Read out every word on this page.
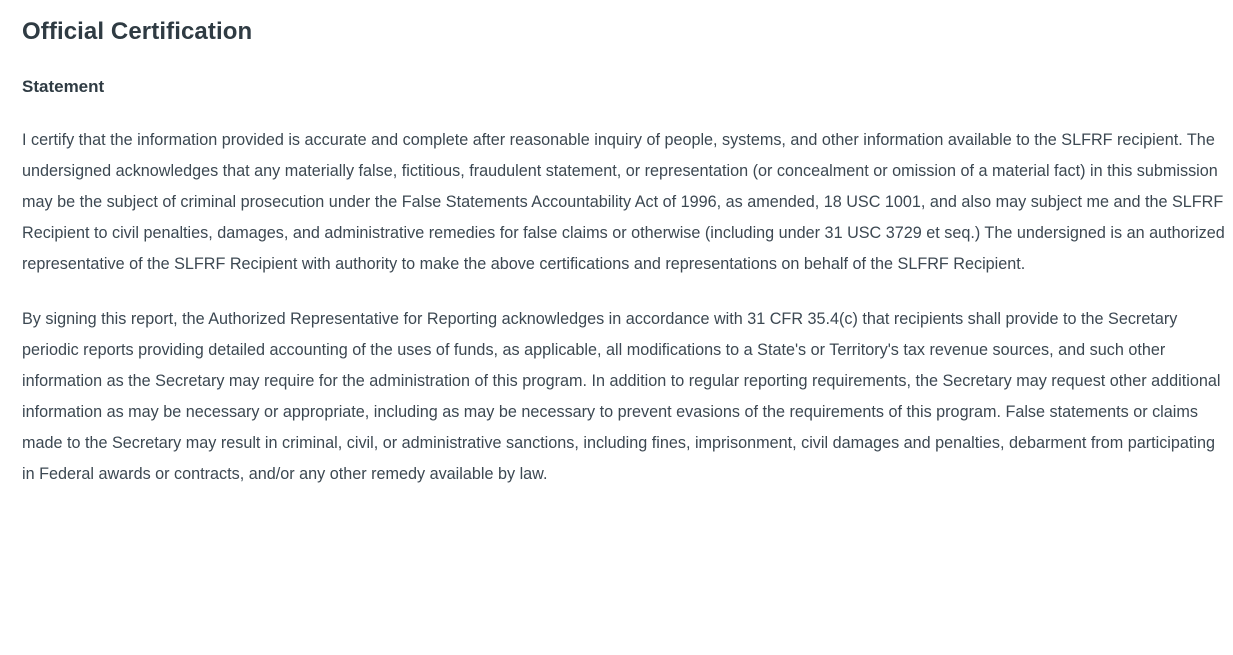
Official Certification
Statement

I certify that the information provided is accurate and complete after reasonable inquiry of people, systems, and other information available to the SLFRF recipient. The undersigned acknowledges that any materially false, fictitious, fraudulent statement, or representation (or concealment or omission of a material fact) in this submission may be the subject of criminal prosecution under the False Statements Accountability Act of 1996, as amended, 18 USC 1001, and also may subject me and the SLFRF Recipient to civil penalties, damages, and administrative remedies for false claims or otherwise (including under 31 USC 3729 et seq.) The undersigned is an authorized representative of the SLFRF Recipient with authority to make the above certifications and representations on behalf of the SLFRF Recipient.

By signing this report, the Authorized Representative for Reporting acknowledges in accordance with 31 CFR 35.4(c) that recipients shall provide to the Secretary periodic reports providing detailed accounting of the uses of funds, as applicable, all modifications to a State's or Territory's tax revenue sources, and such other information as the Secretary may require for the administration of this program. In addition to regular reporting requirements, the Secretary may request other additional information as may be necessary or appropriate, including as may be necessary to prevent evasions of the requirements of this program. False statements or claims made to the Secretary may result in criminal, civil, or administrative sanctions, including fines, imprisonment, civil damages and penalties, debarment from participating in Federal awards or contracts, and/or any other remedy available by law.
